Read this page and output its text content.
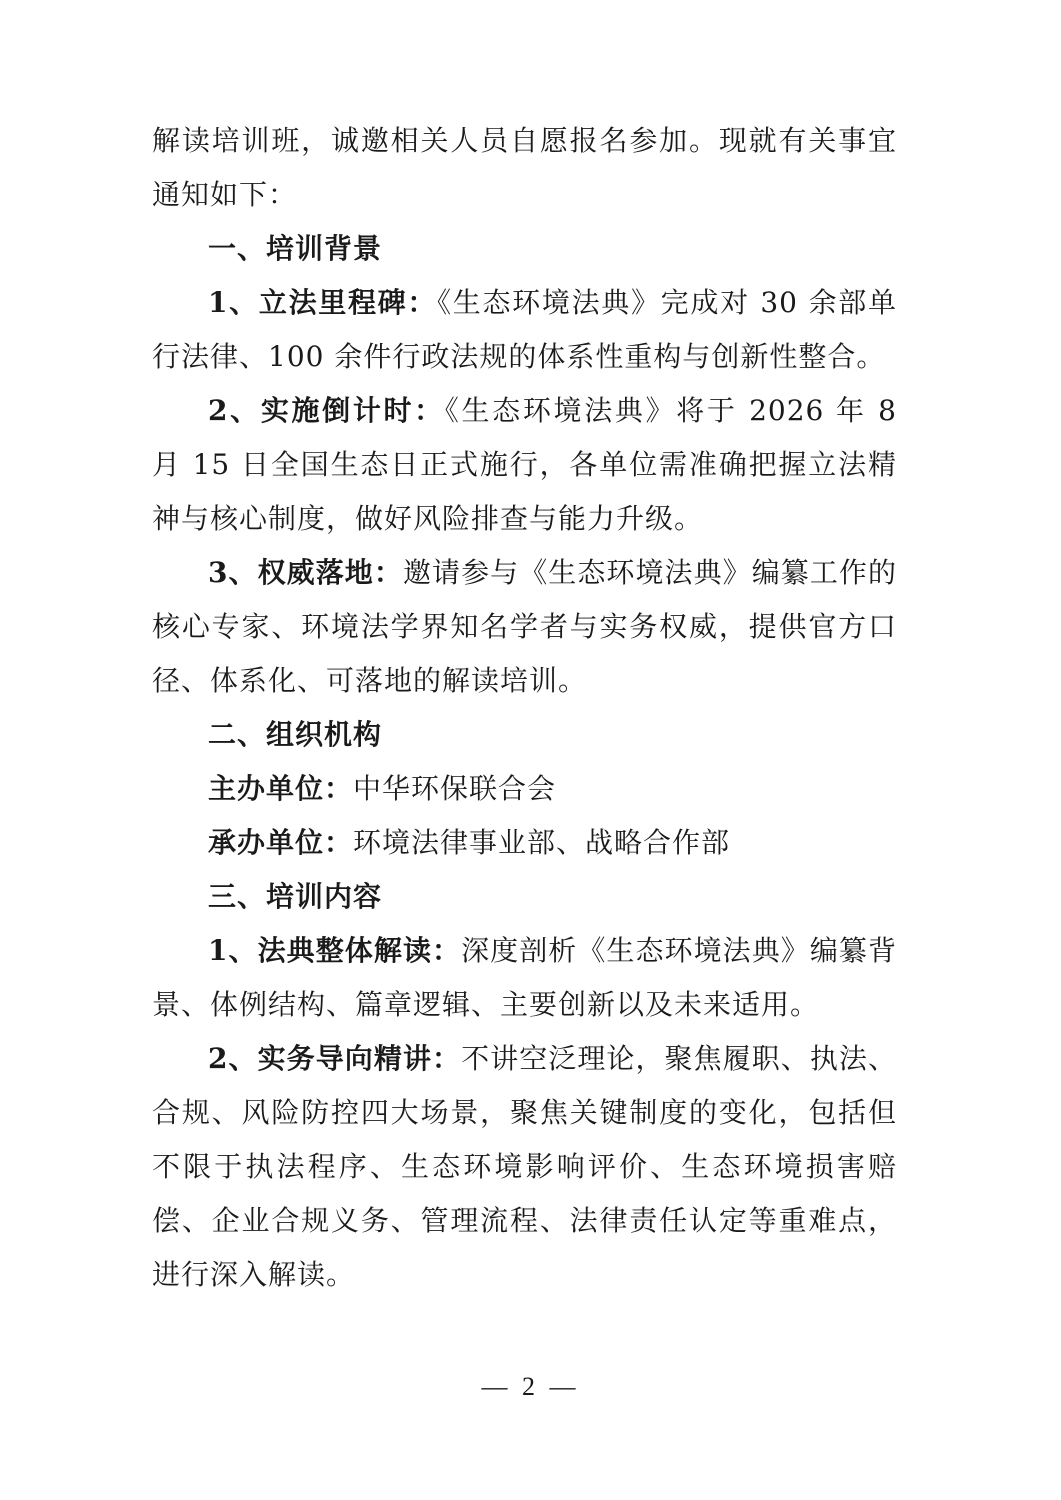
解读培训班，诚邀相关人员自愿报名参加。现就有关事宜通知如下：

一、培训背景

1、立法里程碑：《生态环境法典》完成对 30 余部单行法律、100 余件行政法规的体系性重构与创新性整合。

2、实施倒计时：《生态环境法典》将于 2026 年 8 月 15 日全国生态日正式施行，各单位需准确把握立法精神与核心制度，做好风险排查与能力升级。

3、权威落地：邀请参与《生态环境法典》编纂工作的核心专家、环境法学界知名学者与实务权威，提供官方口径、体系化、可落地的解读培训。

二、组织机构

主办单位：中华环保联合会

承办单位：环境法律事业部、战略合作部

三、培训内容

1、法典整体解读：深度剖析《生态环境法典》编纂背景、体例结构、篇章逻辑、主要创新以及未来适用。

2、实务导向精讲：不讲空泛理论，聚焦履职、执法、合规、风险防控四大场景，聚焦关键制度的变化，包括但不限于执法程序、生态环境影响评价、生态环境损害赔偿、企业合规义务、管理流程、法律责任认定等重难点，进行深入解读。

— 2 —
